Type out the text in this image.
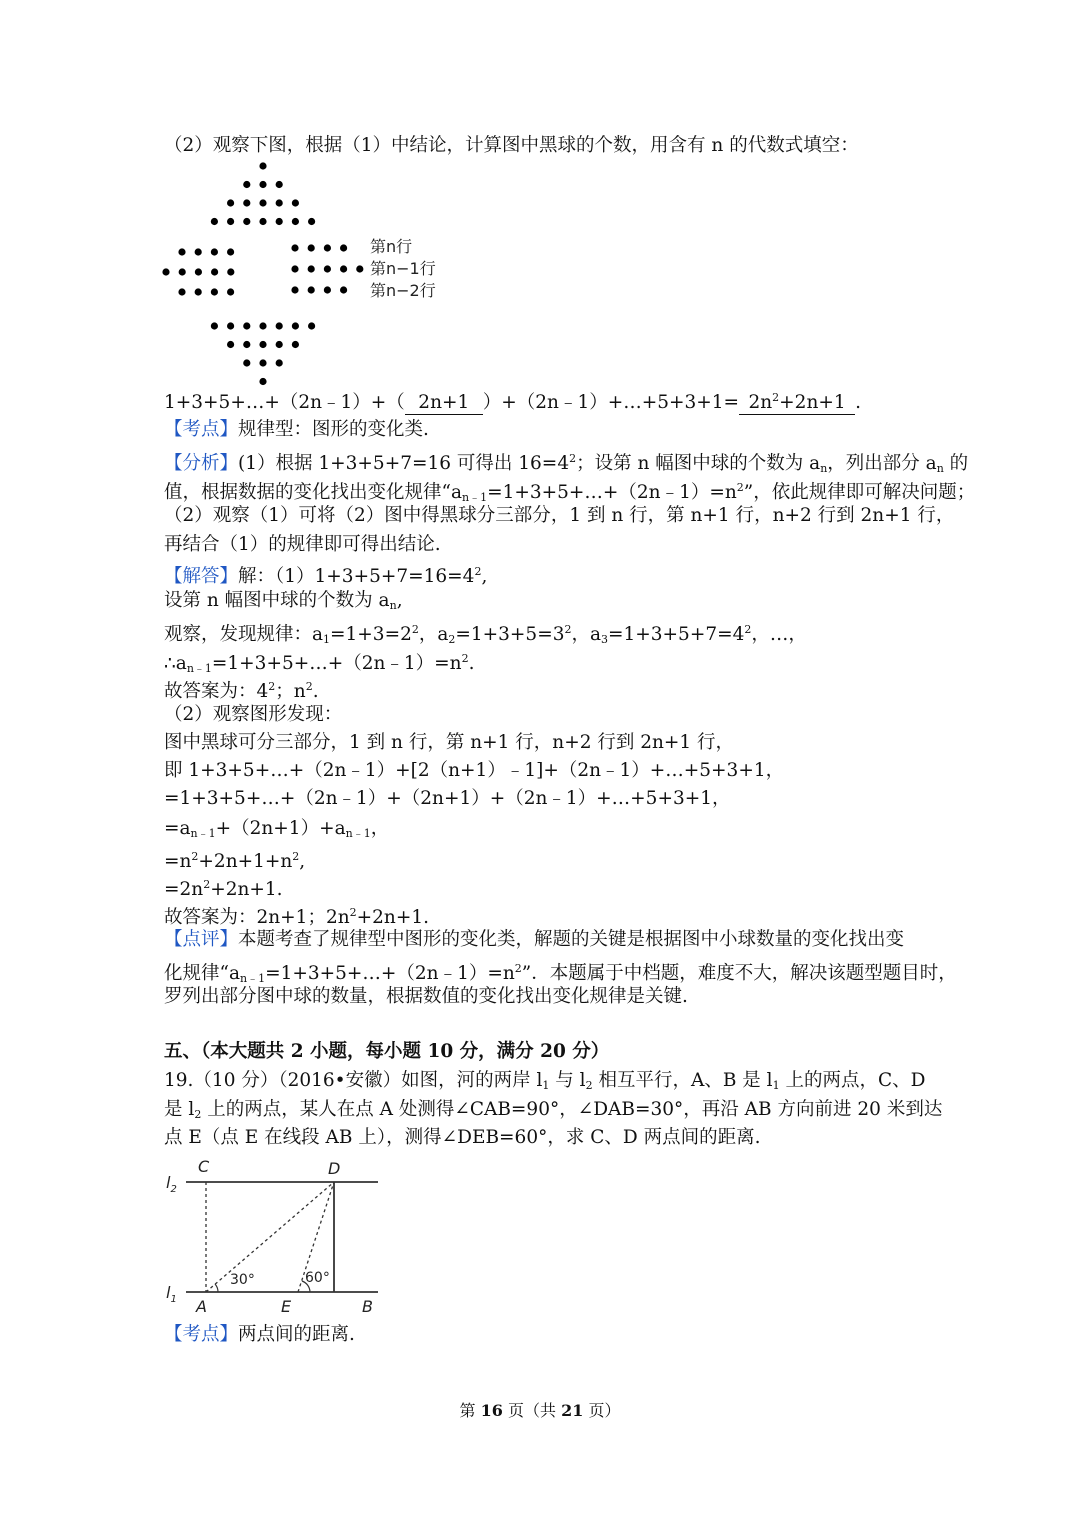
（2）观察下图，根据（1）中结论，计算图中黑球的个数，用含有 n 的代数式填空：
第n行
第n−1行
第n−2行
1+3+5+…+（2n﹣1）+（ 2n+1 ）+（2n﹣1）+…+5+3+1= $2n^2+2n+1$ .
【考点】规律型：图形的变化类.
【分析】(1）根据 1+3+5+7=16 可得出 $16=4^2$；设第 n 幅图中球的个数为 $a_n$，列出部分 $a_n$ 的
值，根据数据的变化找出变化规律“$a_{n﹣1}=1+3+5+\dots+(2n﹣1)=n^2$”，依此规律即可解决问题；
（2）观察（1）可将（2）图中得黑球分三部分，1 到 n 行，第 n+1 行，n+2 行到 2n+1 行，
再结合（1）的规律即可得出结论.
【解答】解：$(1)1+3+5+7=16=4^2$,
设第 n 幅图中球的个数为 $a_n$,
观察，发现规律：$a_1=1+3=2^2$，$a_2=1+3+5=3^2$，$a_3=1+3+5+7=4^2$，…，
$\therefore a_{n﹣1}=1+3+5+\dots+(2n﹣1)=n^2$.
故答案为：$4^2$；$n^2$.
（2）观察图形发现：
图中黑球可分三部分，1 到 n 行，第 n+1 行，n+2 行到 2n+1 行，
即 1+3+5+…+（2n﹣1）+[2（n+1）﹣1]+（2n﹣1）+…+5+3+1，
=1+3+5+…+（2n﹣1）+（2n+1）+（2n﹣1）+…+5+3+1，
$=a_{n﹣1}+(2n+1)+a_{n﹣1}$，
$=n^2+2n+1+n^2$,
$=2n^2+2n+1$.
故答案为：2n+1；$2n^2+2n+1$.
【点评】本题考查了规律型中图形的变化类，解题的关键是根据图中小球数量的变化找出变
化规律“$a_{n﹣1}=1+3+5+\dots+(2n﹣1)=n^2$”．本题属于中档题，难度不大，解决该题型题目时，
罗列出部分图中球的数量，根据数值的变化找出变化规律是关键.
五、（本大题共 2 小题，每小题 10 分，满分 20 分）
19.（10 分）（2016•安徽）如图，河的两岸 $l_1$ 与 $l_2$ 相互平行，A、B 是 $l_1$ 上的两点，C、D
是 $l_2$ 上的两点，某人在点 A 处测得∠CAB=90°，∠DAB=30°，再沿 AB 方向前进 20 米到达
点 E（点 E 在线段 AB 上），测得∠DEB=60°，求 C、D 两点间的距离.
C	D
A	E	B
$l_2$
$l_1$
30°	60°
【考点】两点间的距离.
第 16 页（共 21 页）
